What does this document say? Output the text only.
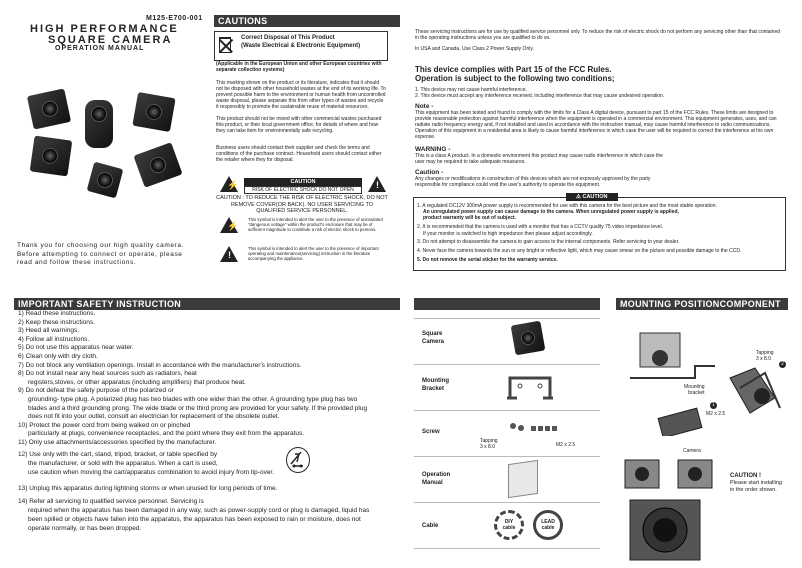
M125-E700-001
HIGH PERFORMANCE
SQUARE CAMERA
OPERATION MANUAL
Thank you for choosing our high quality camera. Before attempting to connect or operate, please read and follow these instructions.
CAUTIONS
Correct Disposal of This Product
(Waste Electrical & Electronic Equipment)
(Applicable in the European Union and other European countries with separate collection systems)
This marking shown on the product or its literature, indicates that it should not be disposed with other household wastes at the end of its working life. To prevent possible harm to the environment or human health from uncontrolled waste disposal, please separate this from other types of wastes and recycle it responsibly to promote the sustainable reuse of material resources.
This product should not be mixed with other commercial wastes purchased this product, or their local government office, for details of where and how they can take item for environmentally safe recycling.
Business users should contact their supplier and check the terms and conditions of the purchase contract. Household users should contact either the retailer where they for disposal.
⚡	!
CAUTION
RISK OF ELECTRIC SHOCK DO NOT OPEN
CAUTION : TO REDUCE THE RISK OF ELECTRIC SHOCK, DO NOT REMOVE COVER(OR BACK). NO USER SERVICING TO QUALIFIED SERVICE PERSONNEL.
⚡
This symbol is intended to alert the user to the presence of uninsulated "dangerous voltage" within the product's enclosure that may be of sufficient magnitude to constitute a risk of electric shock to persons.
!
This symbol is intended to alert the user to the presence of important operating and maintenance(servicing) instruction in the literature accompanying the appliance.
These servicing instructions are for use by qualified service personnel only. To reduce the risk of electric shock do not perform any servicing other than that contained in the operating instructions unless you are qualified to do so.
In USA and Canada, Use Class 2 Power Supply Only.
This device complies with Part 15 of the FCC Rules.
Operation is subject to the following two conditions;
1. This device may not cause harmful interference.
2. This device must accept any interference received, including interference that may cause undesired operation.
Note -
This equipment has been tested and found to comply with the limits for a Class A digital device, pursuant to part 15 of the FCC Rules. These limits are designed to provide reasonable protection against harmful interference when the equipment is operated in a commercial environment. This equipment generates, uses, and can radiate radio frequency energy and, if not installed and used in accordance with the instruction manual, may cause harmful interference to radio communications. Operation of this equipment in a residential area is likely to cause harmful interference in which case the user will be required to correct the interference at his own expense.
WARNING -
This is a class A product. In a domestic environment this product may cause radio interference in which case the user may be required to take adequate measures.
Caution -
Any changes or modifications in construction of this devices which are not expressly approved by the party responsible for compliance could void the user's authority to operate the equipment.
⚠ CAUTION
1. A regulated DC12V 300mA power supply is recommended for use with this camera for the best picture and the most stable operation.
An unregulated power supply can cause damage to the camera. When unregulated power supply is applied,
product warranty will be out of subject.
2. It is recommended that the camera is used with a monitor that has a CCTV quality 75 video impedance level.
If your monitor is switched to high impedance then please adjust accordingly.
3. Do not attempt to disassemble the camera to gain access to the internal components. Refer servicing to your dealer.
4. Never face the camera towards the sun or any bright or reflective light, which may cause smear on the picture and possible damage to the CCD.
5. Do not remove the serial sticker for the warranty service.
IMPORTANT SAFETY INSTRUCTION
1) Read these instructions.
2) Keep these instructions.
3) Heed all warnings.
4) Follow all instructions.
5) Do not use this apparatus near water.
6) Clean only with dry cloth.
7) Do not block any ventilation openings. Install in accordance with the manufacturer's instructions.
8) Do not install near any heat sources such as radiators, heat
registers,stoves, or other apparatus (including amplifiers) that produce heat.
9) Do not defeat the safety purpose of the polarized or
grounding- type plug. A polarized plug has two blades with one wider than the other. A grounding type plug has two
blades and a third grounding prong. The wide blade or the third prong are provided for your safety. If the provided plug
does not fit into your outlet, consult an electrician for replacement of the obsolete outlet.
10) Protect the power cord from being walked on or pinched
particularly at plugs, convenience receptacles, and the point where they exit from the apparatus.
11) Only use attachments/accessories specified by the manufacturer.
12) Use only with the cart, stand, tripod, bracket, or table specified by
the manufacturer, or sold with the apparatus. When a cart is used,
use caution when moving the cart/apparatus combination to avoid injury from tip-over.
13) Unplug this apparatus during lightning storms or when unused for long periods of time.
14) Refer all servicing to qualified service personnel. Servicing is
required when the apparatus has been damaged in any way, such as power-supply cord or plug is damaged, liquid has
been spilled or objects have fallen into the apparatus, the apparatus has been exposed to rain or moisture, does not
operate normally, or has been dropped.
Square
Camera
Mounting
Bracket
Screw
Operation
Manual
Cable
Tapping
3 x 8.0	M2 x 2.5
DIY
cable
LEAD
cable
MOUNTING POSITIONCOMPONENT
Tapping
3 x 8.0
2
Mounting
bracket
1
M2 x 2.5
Camera
CAUTION !
Please start installing
in the order shown.
